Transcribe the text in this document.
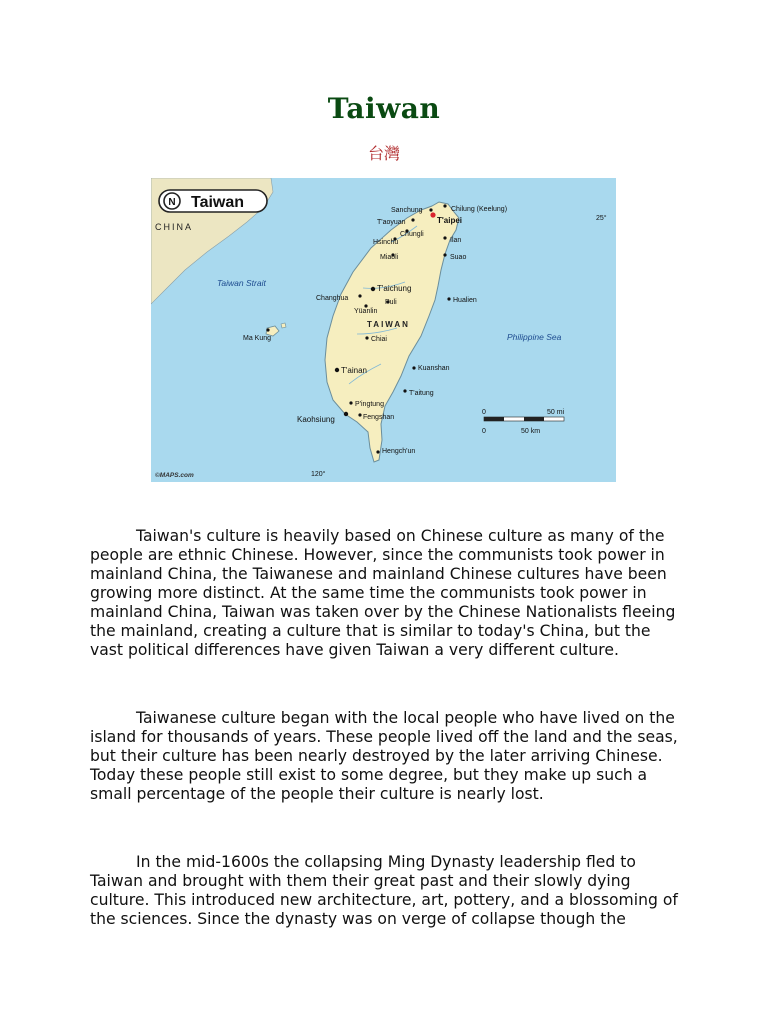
Taiwan
台灣
N Taiwan
CHINA
TAIWAN
Taiwan Strait
Philippine Sea
Sanchung	Chilung (Keelung)
T'aoyuan	T'aipei
Chungli
Hsinchu	Ilan
Miaoli	Suao
T'aichung
Changhua
Puli	Hualien
Yüanlin
Chiai
Ma Kung
T'ainan	Kuanshan
T'aitung
P'ingtung
Kaohsiung	Fengshan
Hengch'un
25°
120°
0	50 mi
0	50 km
©MAPS.com

Taiwan's culture is heavily based on Chinese culture as many of the people are ethnic Chinese. However, since the communists took power in mainland China, the Taiwanese and mainland Chinese cultures have been growing more distinct. At the same time the communists took power in mainland China, Taiwan was taken over by the Chinese Nationalists fleeing the mainland, creating a culture that is similar to today's China, but the vast political differences have given Taiwan a very different culture.

Taiwanese culture began with the local people who have lived on the island for thousands of years. These people lived off the land and the seas, but their culture has been nearly destroyed by the later arriving Chinese. Today these people still exist to some degree, but they make up such a small percentage of the people their culture is nearly lost.

In the mid-1600s the collapsing Ming Dynasty leadership fled to Taiwan and brought with them their great past and their slowly dying culture. This introduced new architecture, art, pottery, and a blossoming of the sciences. Since the dynasty was on verge of collapse though the
